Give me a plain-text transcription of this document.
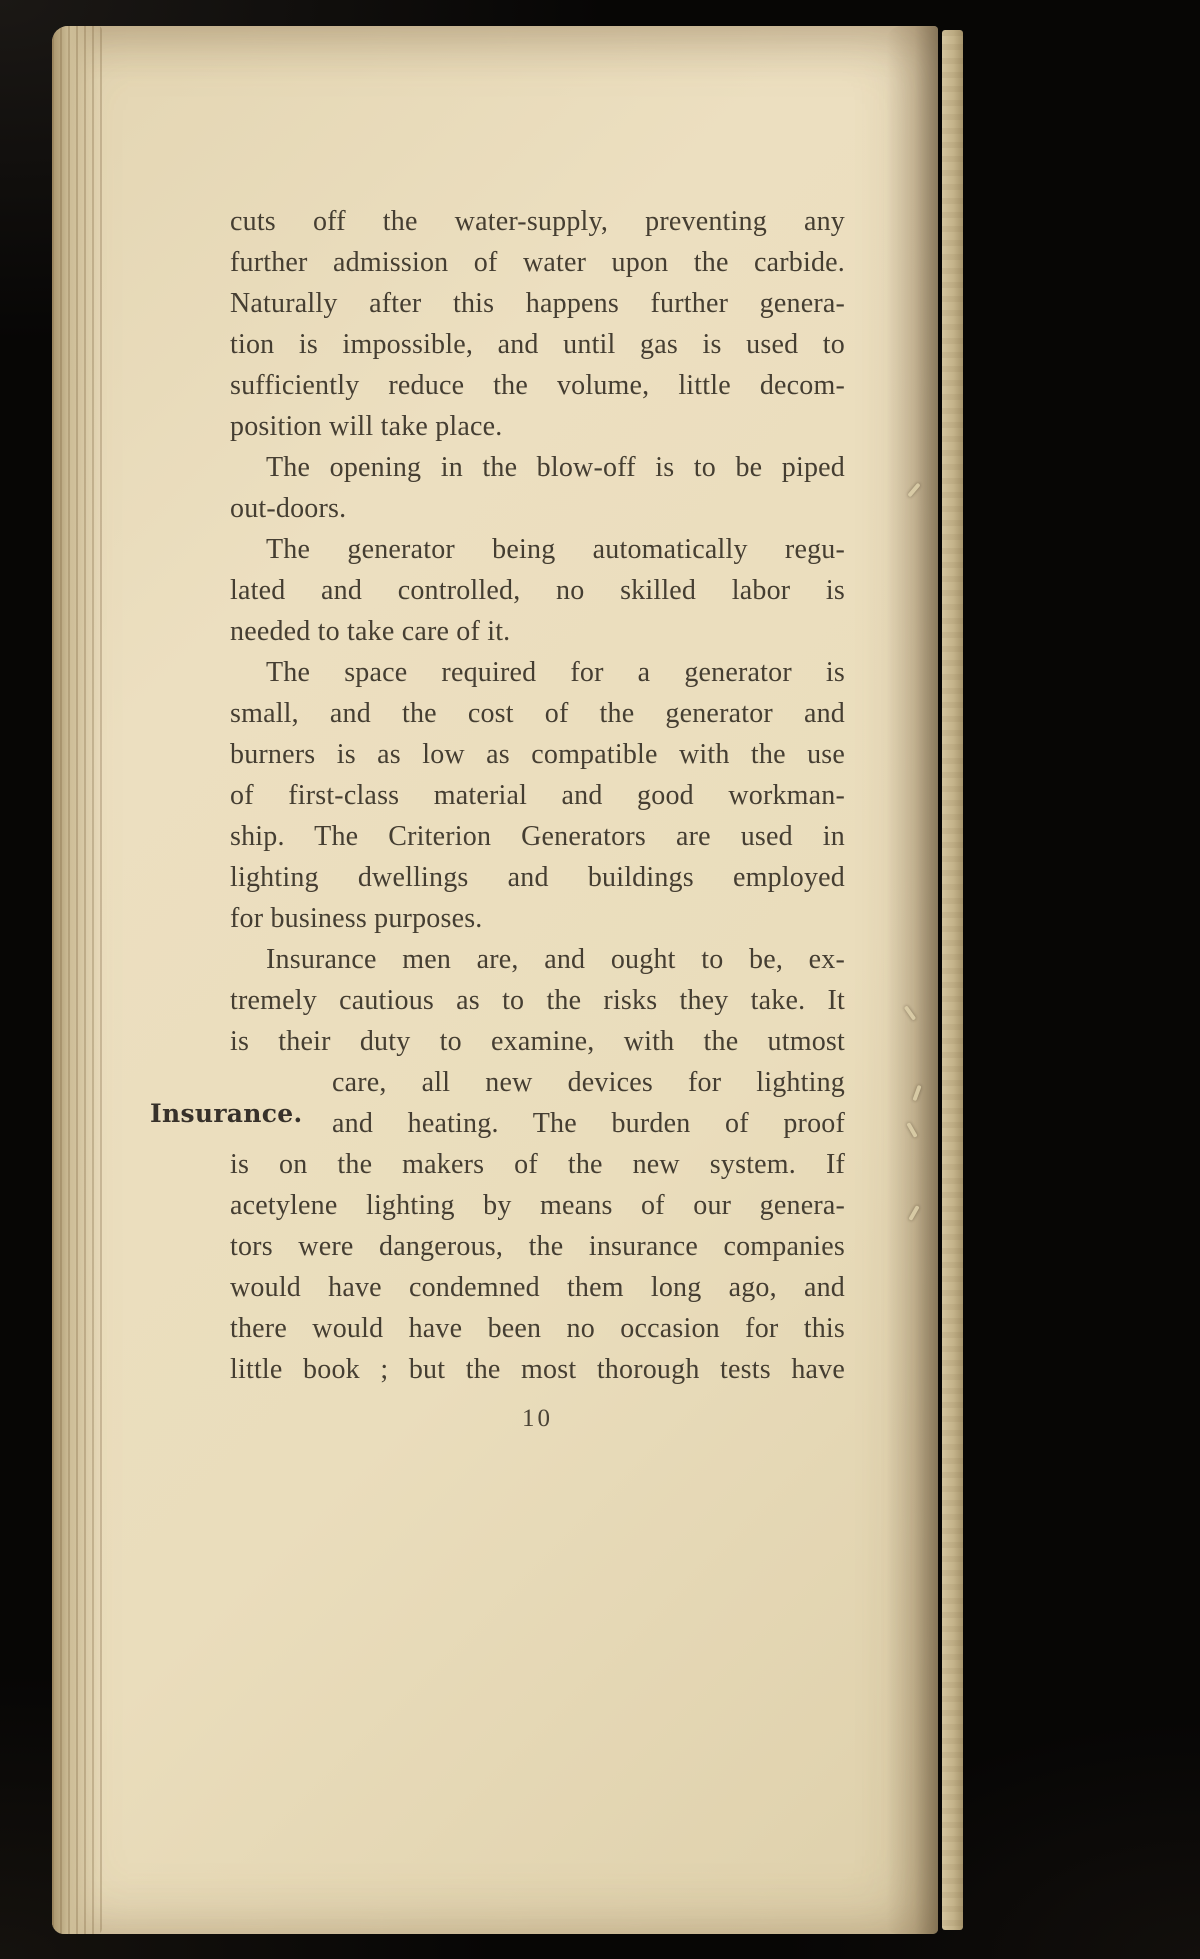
cuts off the water-supply, preventing any
further admission of water upon the carbide.
Naturally after this happens further genera-
tion is impossible, and until gas is used to
sufficiently reduce the volume, little decom-
position will take place.
The opening in the blow-off is to be piped
out-doors.
The generator being automatically regu-
lated and controlled, no skilled labor is
needed to take care of it.
The space required for a generator is
small, and the cost of the generator and
burners is as low as compatible with the use
of first-class material and good workman-
ship. The Criterion Generators are used in
lighting dwellings and buildings employed
for business purposes.
Insurance men are, and ought to be, ex-
tremely cautious as to the risks they take. It
is their duty to examine, with the utmost
care, all new devices for lighting
and heating. The burden of proof
is on the makers of the new system. If
acetylene lighting by means of our genera-
tors were dangerous, the insurance companies
would have condemned them long ago, and
there would have been no occasion for this
little book ; but the most thorough tests have
Insurance.
10
